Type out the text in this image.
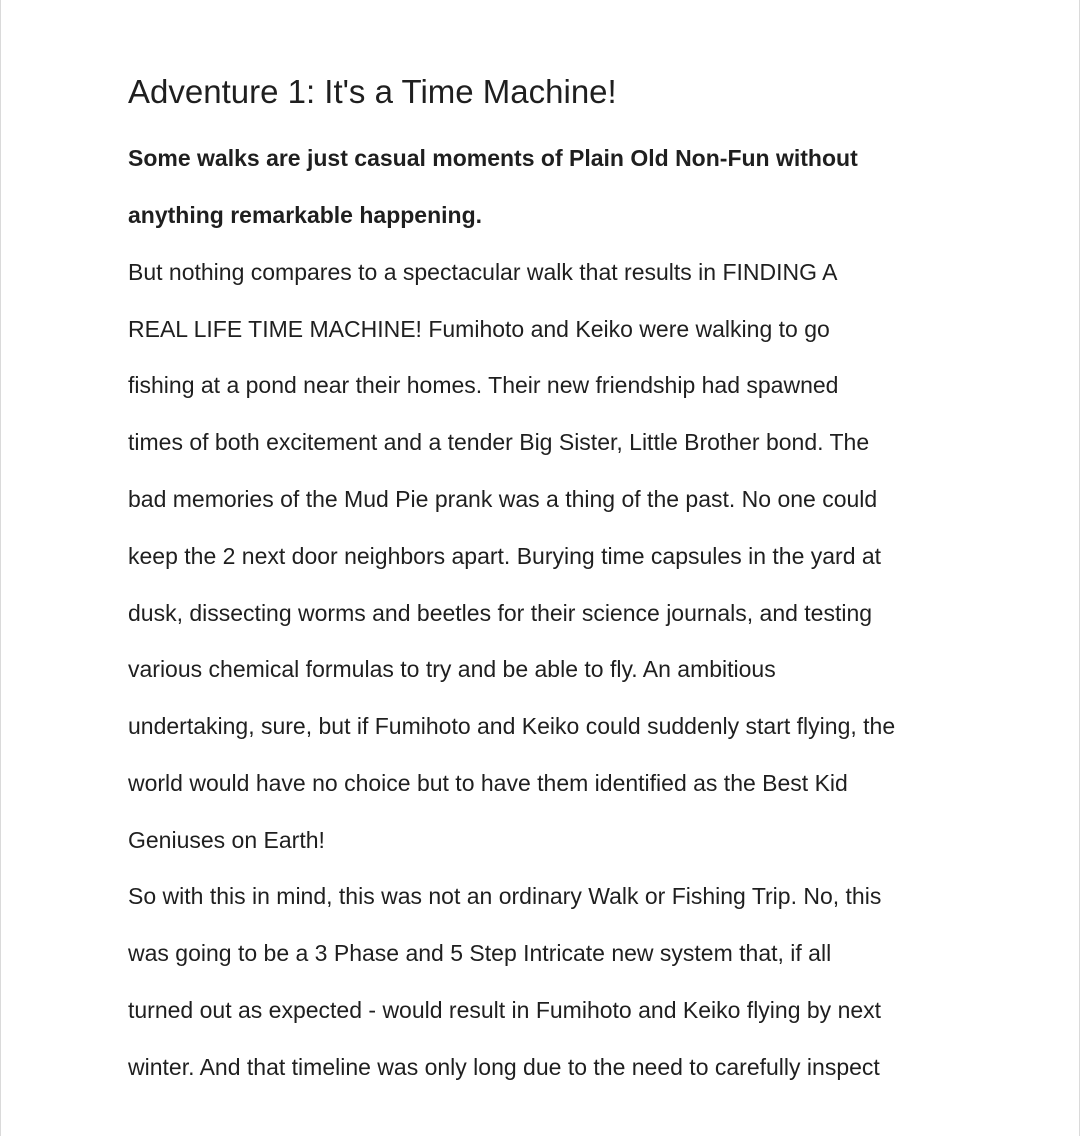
Adventure 1: It's a Time Machine!

Some walks are just casual moments of Plain Old Non-Fun without

anything remarkable happening.

But nothing compares to a spectacular walk that results in FINDING A

REAL LIFE TIME MACHINE! Fumihoto and Keiko were walking to go

fishing at a pond near their homes. Their new friendship had spawned

times of both excitement and a tender Big Sister, Little Brother bond. The

bad memories of the Mud Pie prank was a thing of the past. No one could

keep the 2 next door neighbors apart. Burying time capsules in the yard at

dusk, dissecting worms and beetles for their science journals, and testing

various chemical formulas to try and be able to fly. An ambitious

undertaking, sure, but if Fumihoto and Keiko could suddenly start flying, the

world would have no choice but to have them identified as the Best Kid

Geniuses on Earth!

So with this in mind, this was not an ordinary Walk or Fishing Trip. No, this

was going to be a 3 Phase and 5 Step Intricate new system that, if all

turned out as expected - would result in Fumihoto and Keiko flying by next

winter. And that timeline was only long due to the need to carefully inspect
